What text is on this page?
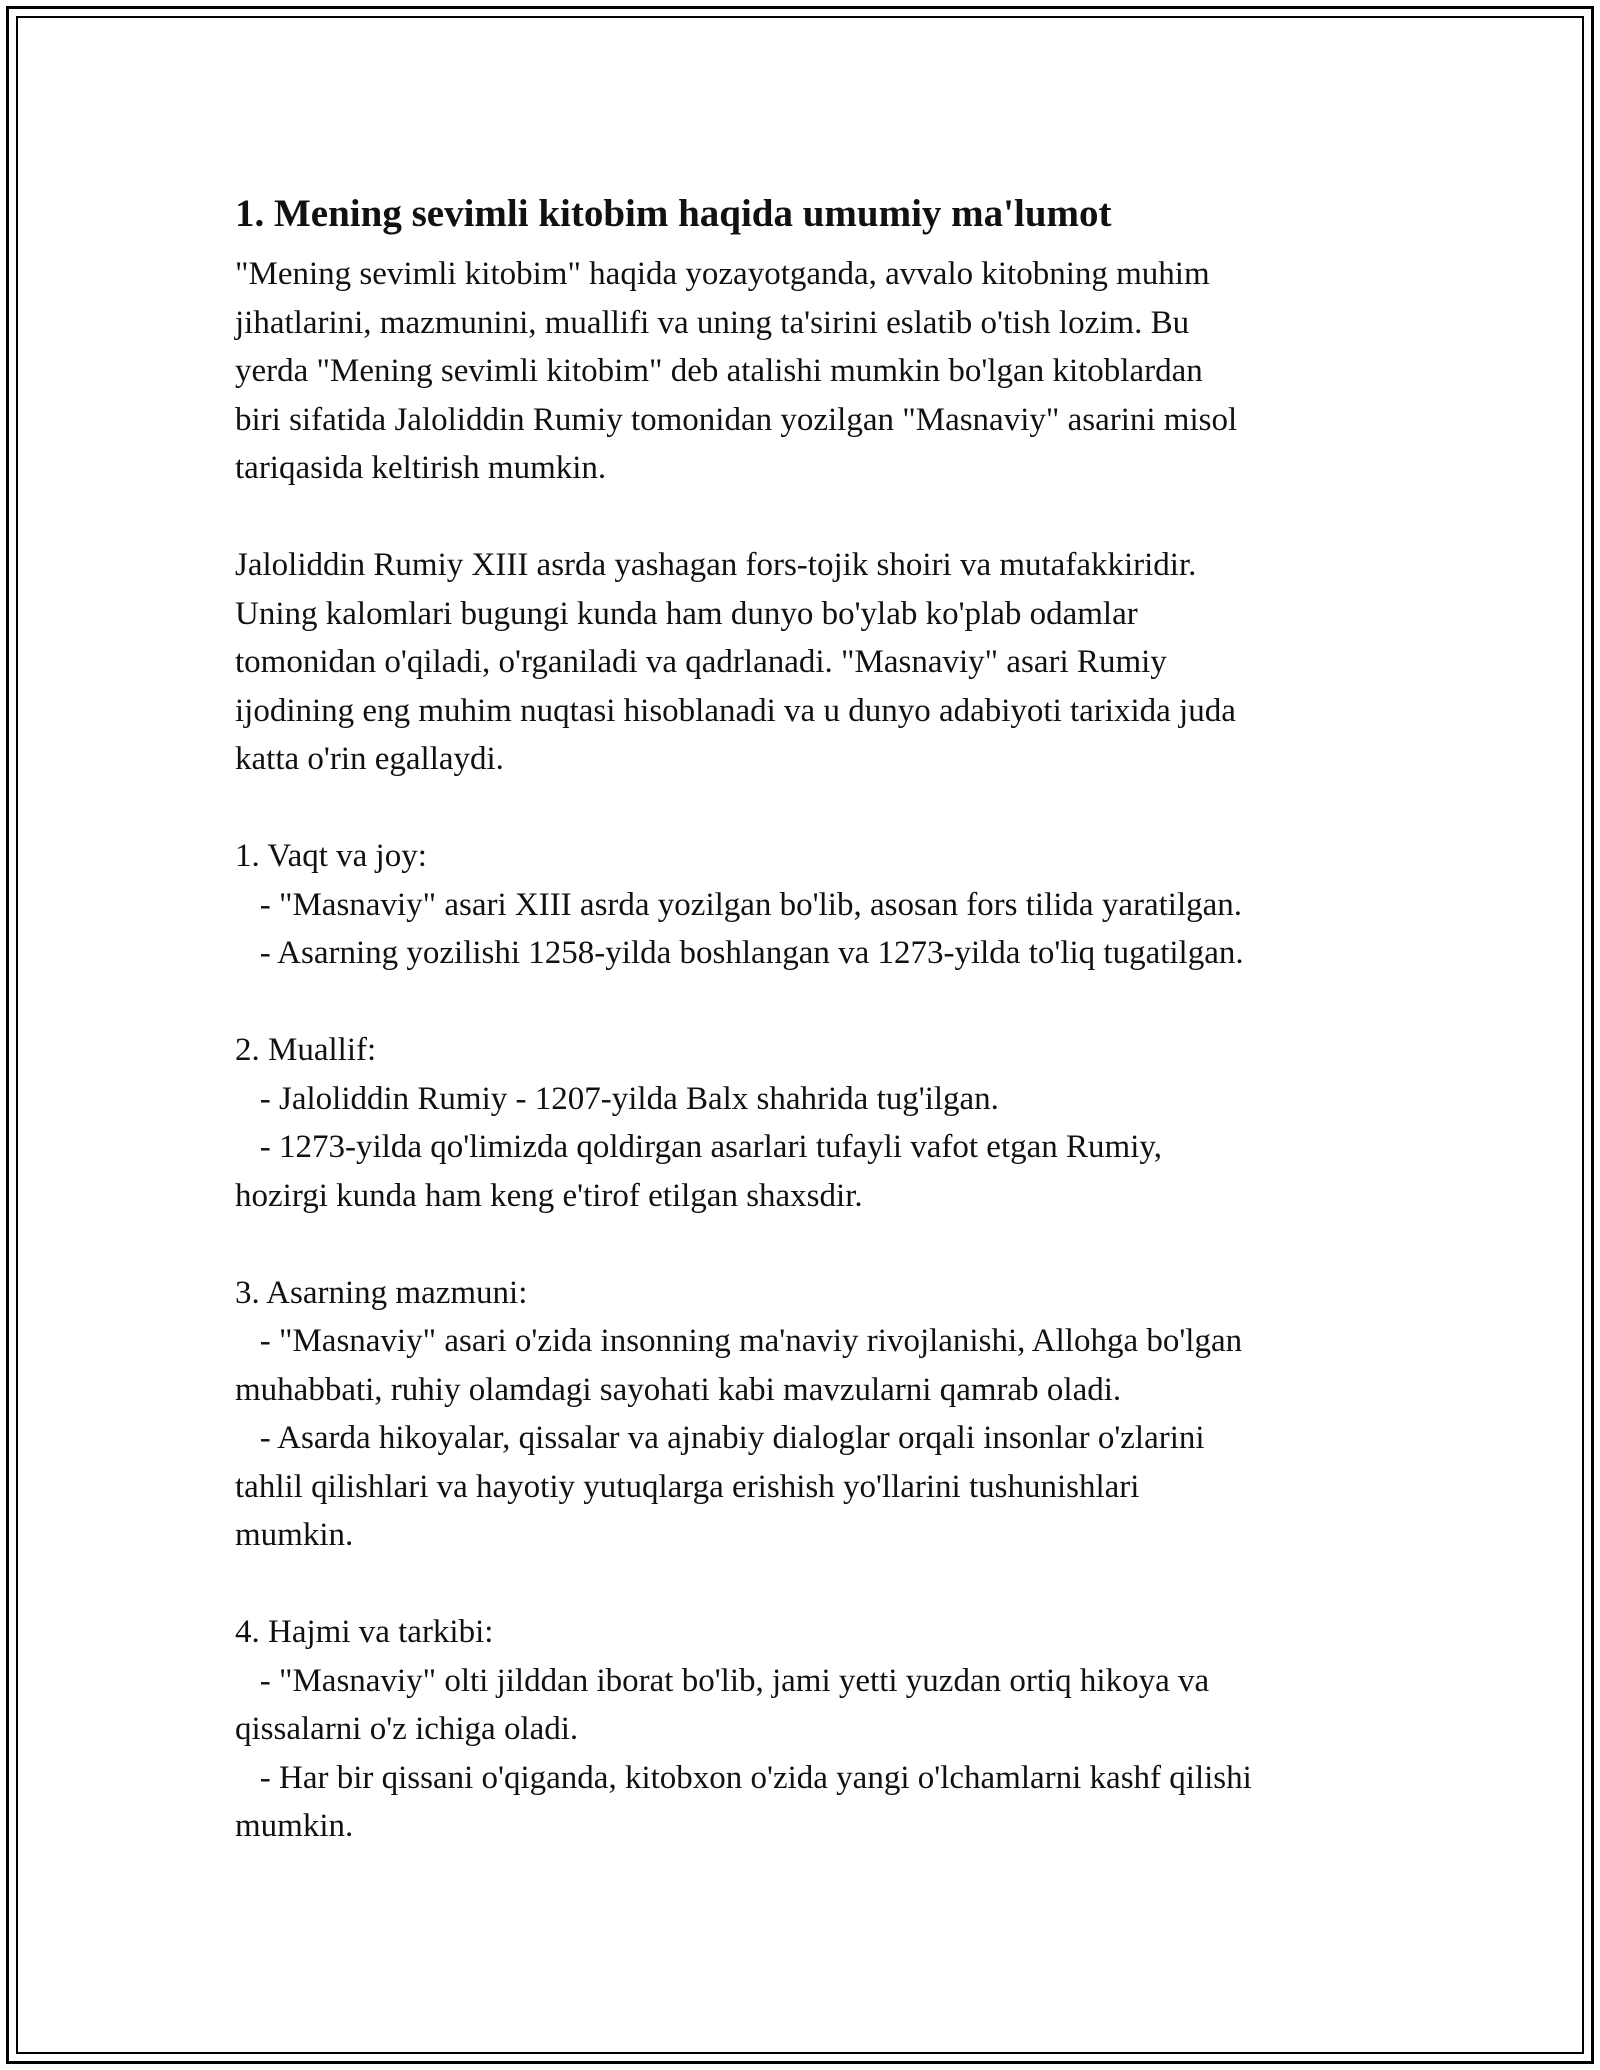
1. Mening sevimli kitobim haqida umumiy ma'lumot
"Mening sevimli kitobim" haqida yozayotganda, avvalo kitobning muhim
jihatlarini, mazmunini, muallifi va uning ta'sirini eslatib o'tish lozim. Bu
yerda "Mening sevimli kitobim" deb atalishi mumkin bo'lgan kitoblardan
biri sifatida Jaloliddin Rumiy tomonidan yozilgan "Masnaviy" asarini misol
tariqasida keltirish mumkin.
Jaloliddin Rumiy XIII asrda yashagan fors-tojik shoiri va mutafakkiridir.
Uning kalomlari bugungi kunda ham dunyo bo'ylab ko'plab odamlar
tomonidan o'qiladi, o'rganiladi va qadrlanadi. "Masnaviy" asari Rumiy
ijodining eng muhim nuqtasi hisoblanadi va u dunyo adabiyoti tarixida juda
katta o'rin egallaydi.
1. Vaqt va joy:
- "Masnaviy" asari XIII asrda yozilgan bo'lib, asosan fors tilida yaratilgan.
- Asarning yozilishi 1258-yilda boshlangan va 1273-yilda to'liq tugatilgan.
2. Muallif:
- Jaloliddin Rumiy - 1207-yilda Balx shahrida tug'ilgan.
- 1273-yilda qo'limizda qoldirgan asarlari tufayli vafot etgan Rumiy,
hozirgi kunda ham keng e'tirof etilgan shaxsdir.
3. Asarning mazmuni:
- "Masnaviy" asari o'zida insonning ma'naviy rivojlanishi, Allohga bo'lgan
muhabbati, ruhiy olamdagi sayohati kabi mavzularni qamrab oladi.
- Asarda hikoyalar, qissalar va ajnabiy dialoglar orqali insonlar o'zlarini
tahlil qilishlari va hayotiy yutuqlarga erishish yo'llarini tushunishlari
mumkin.
4. Hajmi va tarkibi:
- "Masnaviy" olti jilddan iborat bo'lib, jami yetti yuzdan ortiq hikoya va
qissalarni o'z ichiga oladi.
- Har bir qissani o'qiganda, kitobxon o'zida yangi o'lchamlarni kashf qilishi
mumkin.
